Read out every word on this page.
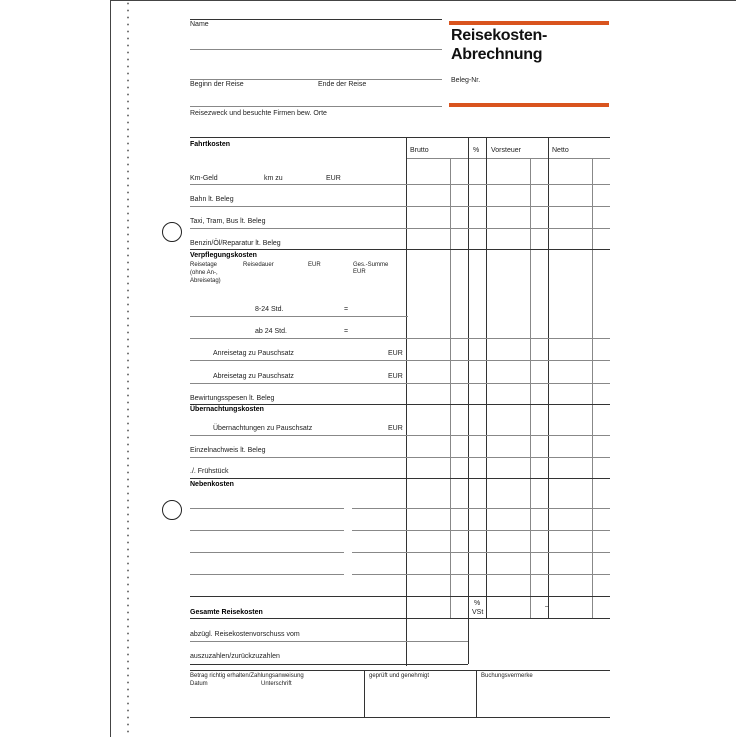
Name
Beginn der Reise	Ende der Reise
Reisezweck und besuchte Firmen bew. Orte
Reisekosten-
Abrechnung
Beleg-Nr.
Brutto	% Vorsteuer	Netto
Fahrtkosten
Km-Geld	km zu	EUR
Bahn lt. Beleg
Taxi, Tram, Bus lt. Beleg
Benzin/Öl/Reparatur lt. Beleg
Verpflegungskosten
Reisetage
(ohne An-,
Abreisetag)
Reisedauer	EUR	Ges.-Summe
EUR
8-24 Std.	=
ab 24 Std.	=
Anreisetag zu Pauschsatz	EUR
Abreisetag zu Pauschsatz	EUR
Bewirtungsspesen lt. Beleg
Übernachtungskosten
Übernachtungen zu Pauschsatz	EUR
Einzelnachweis lt. Beleg
./. Frühstück
Nebenkosten
Gesamte Reisekosten
%
VSt
–
abzügl. Reisekostenvorschuss vom
auszuzahlen/zurückzuzahlen
Betrag richtig erhalten/Zahlungsanweisung
Datum	Unterschrift
geprüft und genehmigt	Buchungsvermerke
